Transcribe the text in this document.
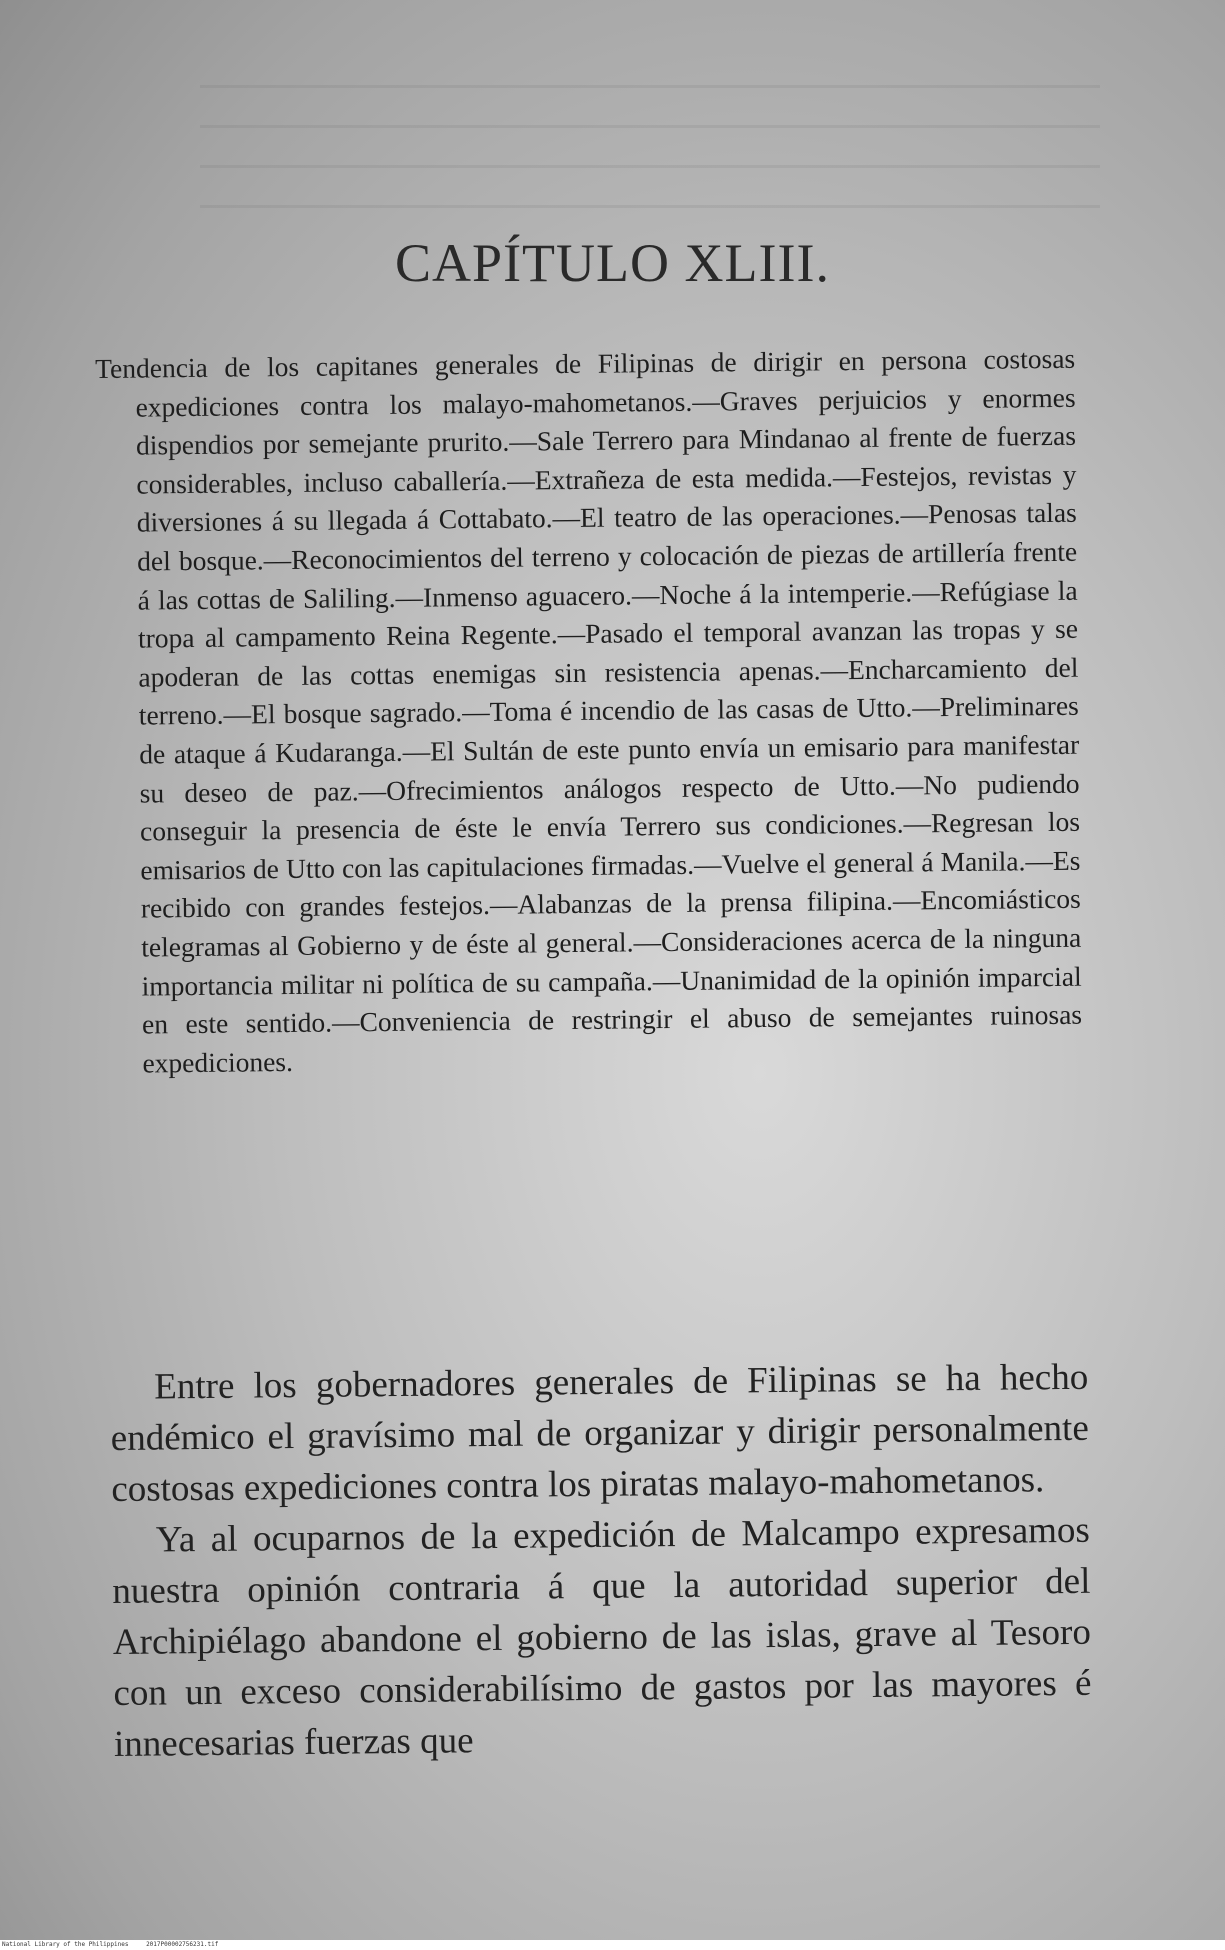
CAPÍTULO XLIII.

Tendencia de los capitanes generales de Filipinas de dirigir en persona costosas expediciones contra los malayo-mahometanos.—Graves perjuicios y enormes dispendios por semejante prurito.—Sale Terrero para Mindanao al frente de fuerzas considerables, incluso caballería.—Extrañeza de esta medida.—Festejos, revistas y diversiones á su llegada á Cottabato.—El teatro de las operaciones.—Penosas talas del bosque.—Reconocimientos del terreno y colocación de piezas de artillería frente á las cottas de Saliling.—Inmenso aguacero.—Noche á la intemperie.—Refúgiase la tropa al campamento Reina Regente.—Pasado el temporal avanzan las tropas y se apoderan de las cottas enemigas sin resistencia apenas.—Encharcamiento del terreno.—El bosque sagrado.—Toma é incendio de las casas de Utto.—Preliminares de ataque á Kudaranga.—El Sultán de este punto envía un emisario para manifestar su deseo de paz.—Ofrecimientos análogos respecto de Utto.—No pudiendo conseguir la presencia de éste le envía Terrero sus condiciones.—Regresan los emisarios de Utto con las capitulaciones firmadas.—Vuelve el general á Manila.—Es recibido con grandes festejos.—Alabanzas de la prensa filipina.—Encomiásticos telegramas al Gobierno y de éste al general.—Consideraciones acerca de la ninguna importancia militar ni política de su campaña.—Unanimidad de la opinión imparcial en este sentido.—Conveniencia de restringir el abuso de semejantes ruinosas expediciones.

Entre los gobernadores generales de Filipinas se ha hecho endémico el gravísimo mal de organizar y dirigir personalmente costosas expediciones contra los piratas malayo-mahometanos.

Ya al ocuparnos de la expedición de Malcampo expresamos nuestra opinión contraria á que la autoridad superior del Archipiélago abandone el gobierno de las islas, grave al Tesoro con un exceso considerabilísimo de gastos por las mayores é innecesarias fuerzas que

National Library of the Philippines	2017P00002756231.tif
